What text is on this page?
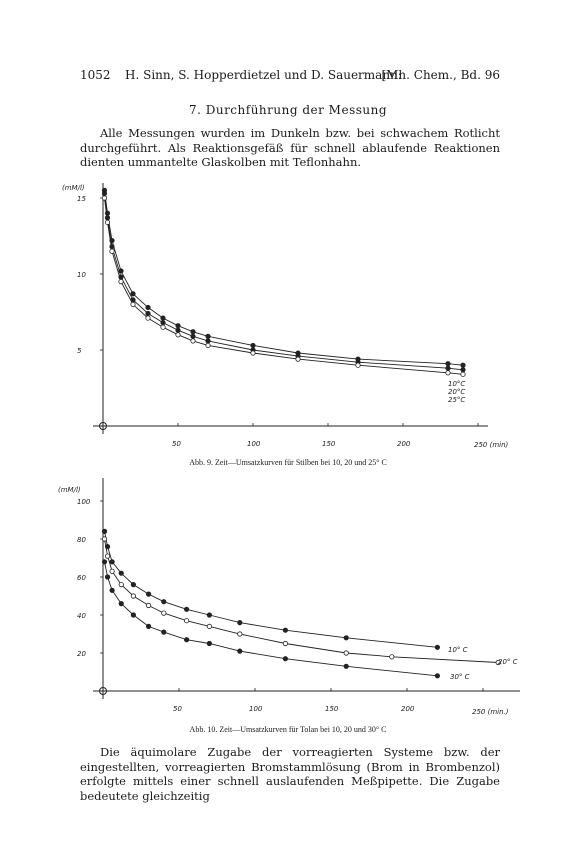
1052 H. Sinn, S. Hopperdietzel und D. Sauermann:
[Mh. Chem., Bd. 96
7. Durchführung der Messung

Alle Messungen wurden im Dunkeln bzw. bei schwachem Rotlicht durchgeführt. Als Reaktionsgefäß für schnell ablaufende Reaktionen dienten ummantelte Glaskolben mit Teflonhahn.

(mM/l)
50	100	150	200	250 (min)
5
10
15
10°C
20°C
25°C
Abb. 9. Zeit—Umsatzkurven für Stilben bei 10, 20 und 25° C
(mM/l)
50	100	150	200	250 (min.)
20
40
60
80
100
10° C
20° C
30° C
Abb. 10. Zeit—Umsatzkurven für Tolan bei 10, 20 und 30° C

Die äquimolare Zugabe der vorreagierten Systeme bzw. der eingestellten, vorreagierten Bromstammlösung (Brom in Brombenzol) erfolgte mittels einer schnell auslaufenden Meßpipette. Die Zugabe bedeutete gleichzeitig
